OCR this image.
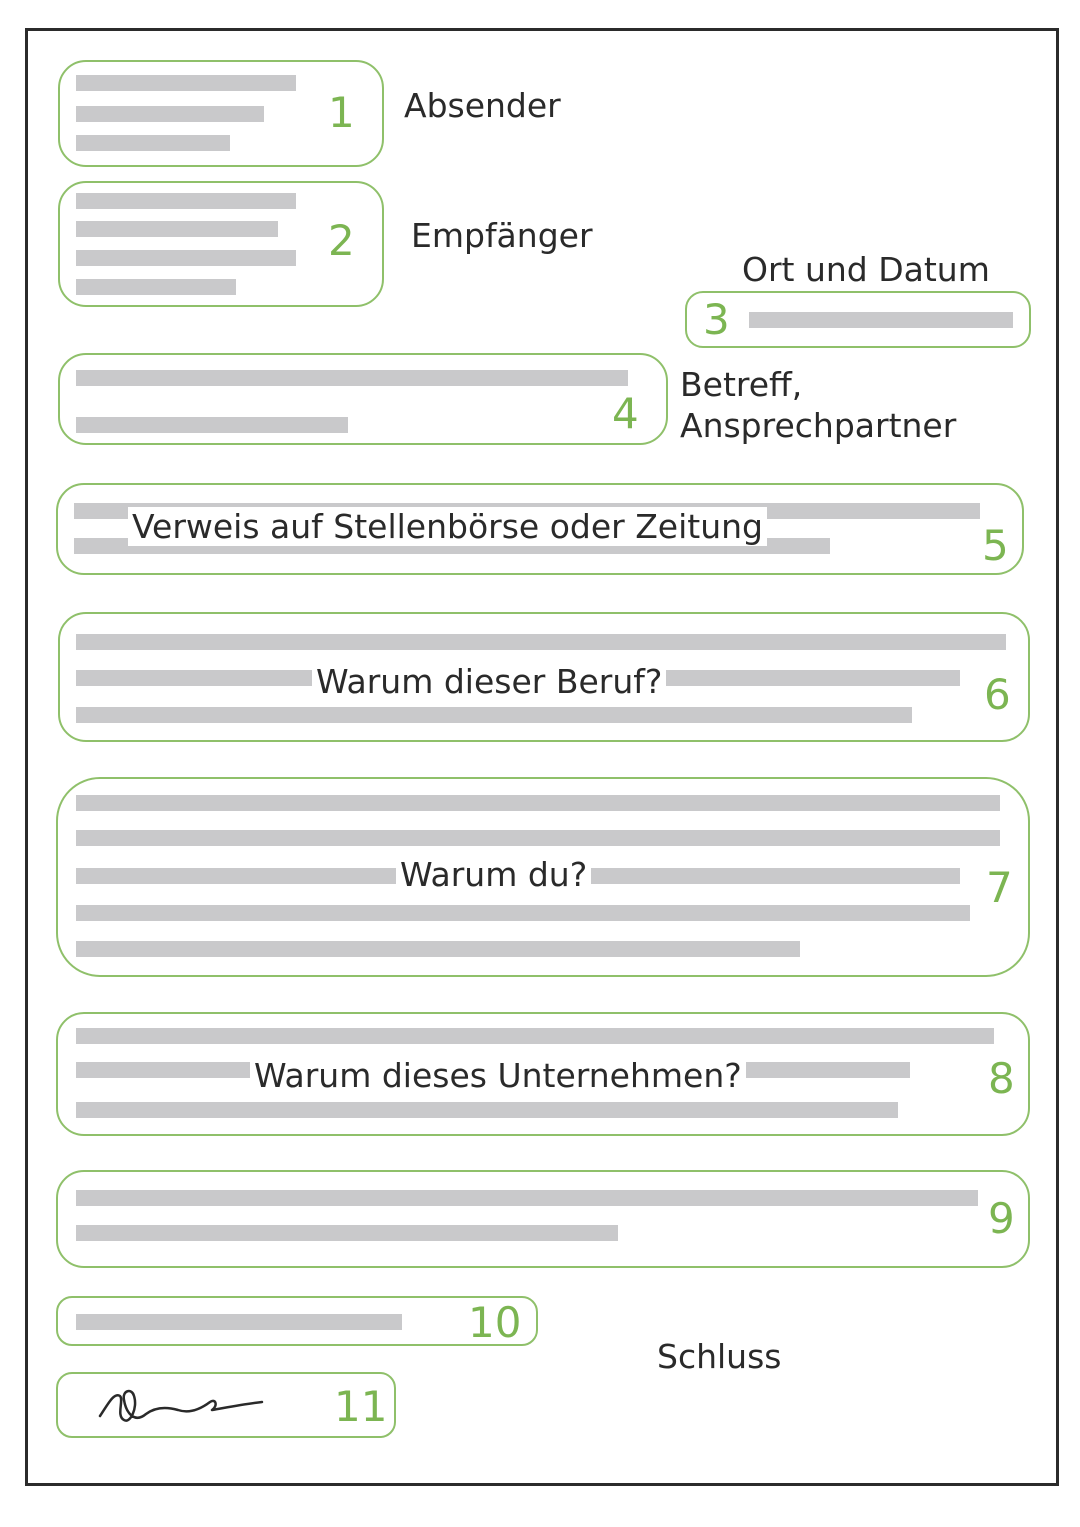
1 Absender
2 Empfänger
Ort und Datum
3
4
Betreff,
Ansprechpartner
Verweis auf Stellenbörse oder Zeitung	5
Warum dieser Beruf?	6
Warum du?	7
Warum dieses Unternehmen?	8
9
10
Schluss
11
